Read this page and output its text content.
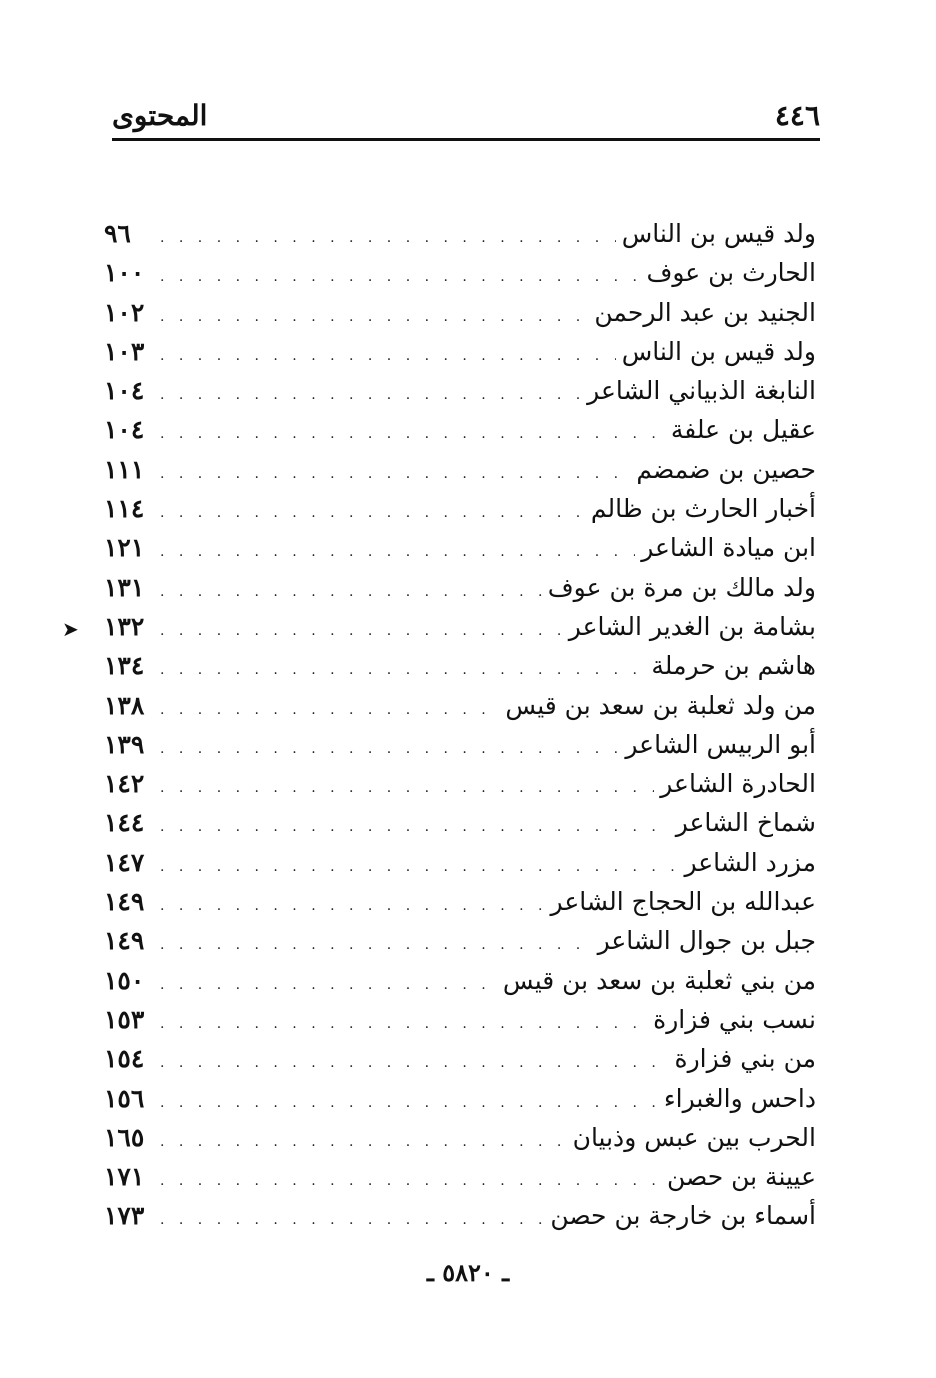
٤٤٦
المحتوى
ولد قيس بن الناس
. . .
٩٦
الحارث بن عوف
. . .
١٠٠
الجنيد بن عبد الرحمن
. . .
١٠٢
ولد قيس بن الناس
. . .
١٠٣
النابغة الذبياني الشاعر
. . .
١٠٤
عقيل بن علفة
. . .
١٠٤
حصين بن ضمضم
. . .
١١١
أخبار الحارث بن ظالم
. . .
١١٤
ابن ميادة الشاعر
. . .
١٢١
ولد مالك بن مرة بن عوف
. . .
١٣١
بشامة بن الغدير الشاعر
. . .
١٣٢
هاشم بن حرملة
. . .
١٣٤
من ولد ثعلبة بن سعد بن قيس
. . .
١٣٨
أبو الربيس الشاعر
. . .
١٣٩
الحادرة الشاعر
. . .
١٤٢
شماخ الشاعر
. . .
١٤٤
مزرد الشاعر
. . .
١٤٧
عبدالله بن الحجاج الشاعر
. . .
١٤٩
جبل بن جوال الشاعر
. . .
١٤٩
من بني ثعلبة بن سعد بن قيس
. . .
١٥٠
نسب بني فزارة
. . .
١٥٣
من بني فزارة
. . .
١٥٤
داحس والغبراء
. . .
١٥٦
الحرب بين عبس وذبيان
. . .
١٦٥
عيينة بن حصن
. . .
١٧١
أسماء بن خارجة بن حصن
. . .
١٧٣
➤
ـ ٥٨٢٠ ـ
